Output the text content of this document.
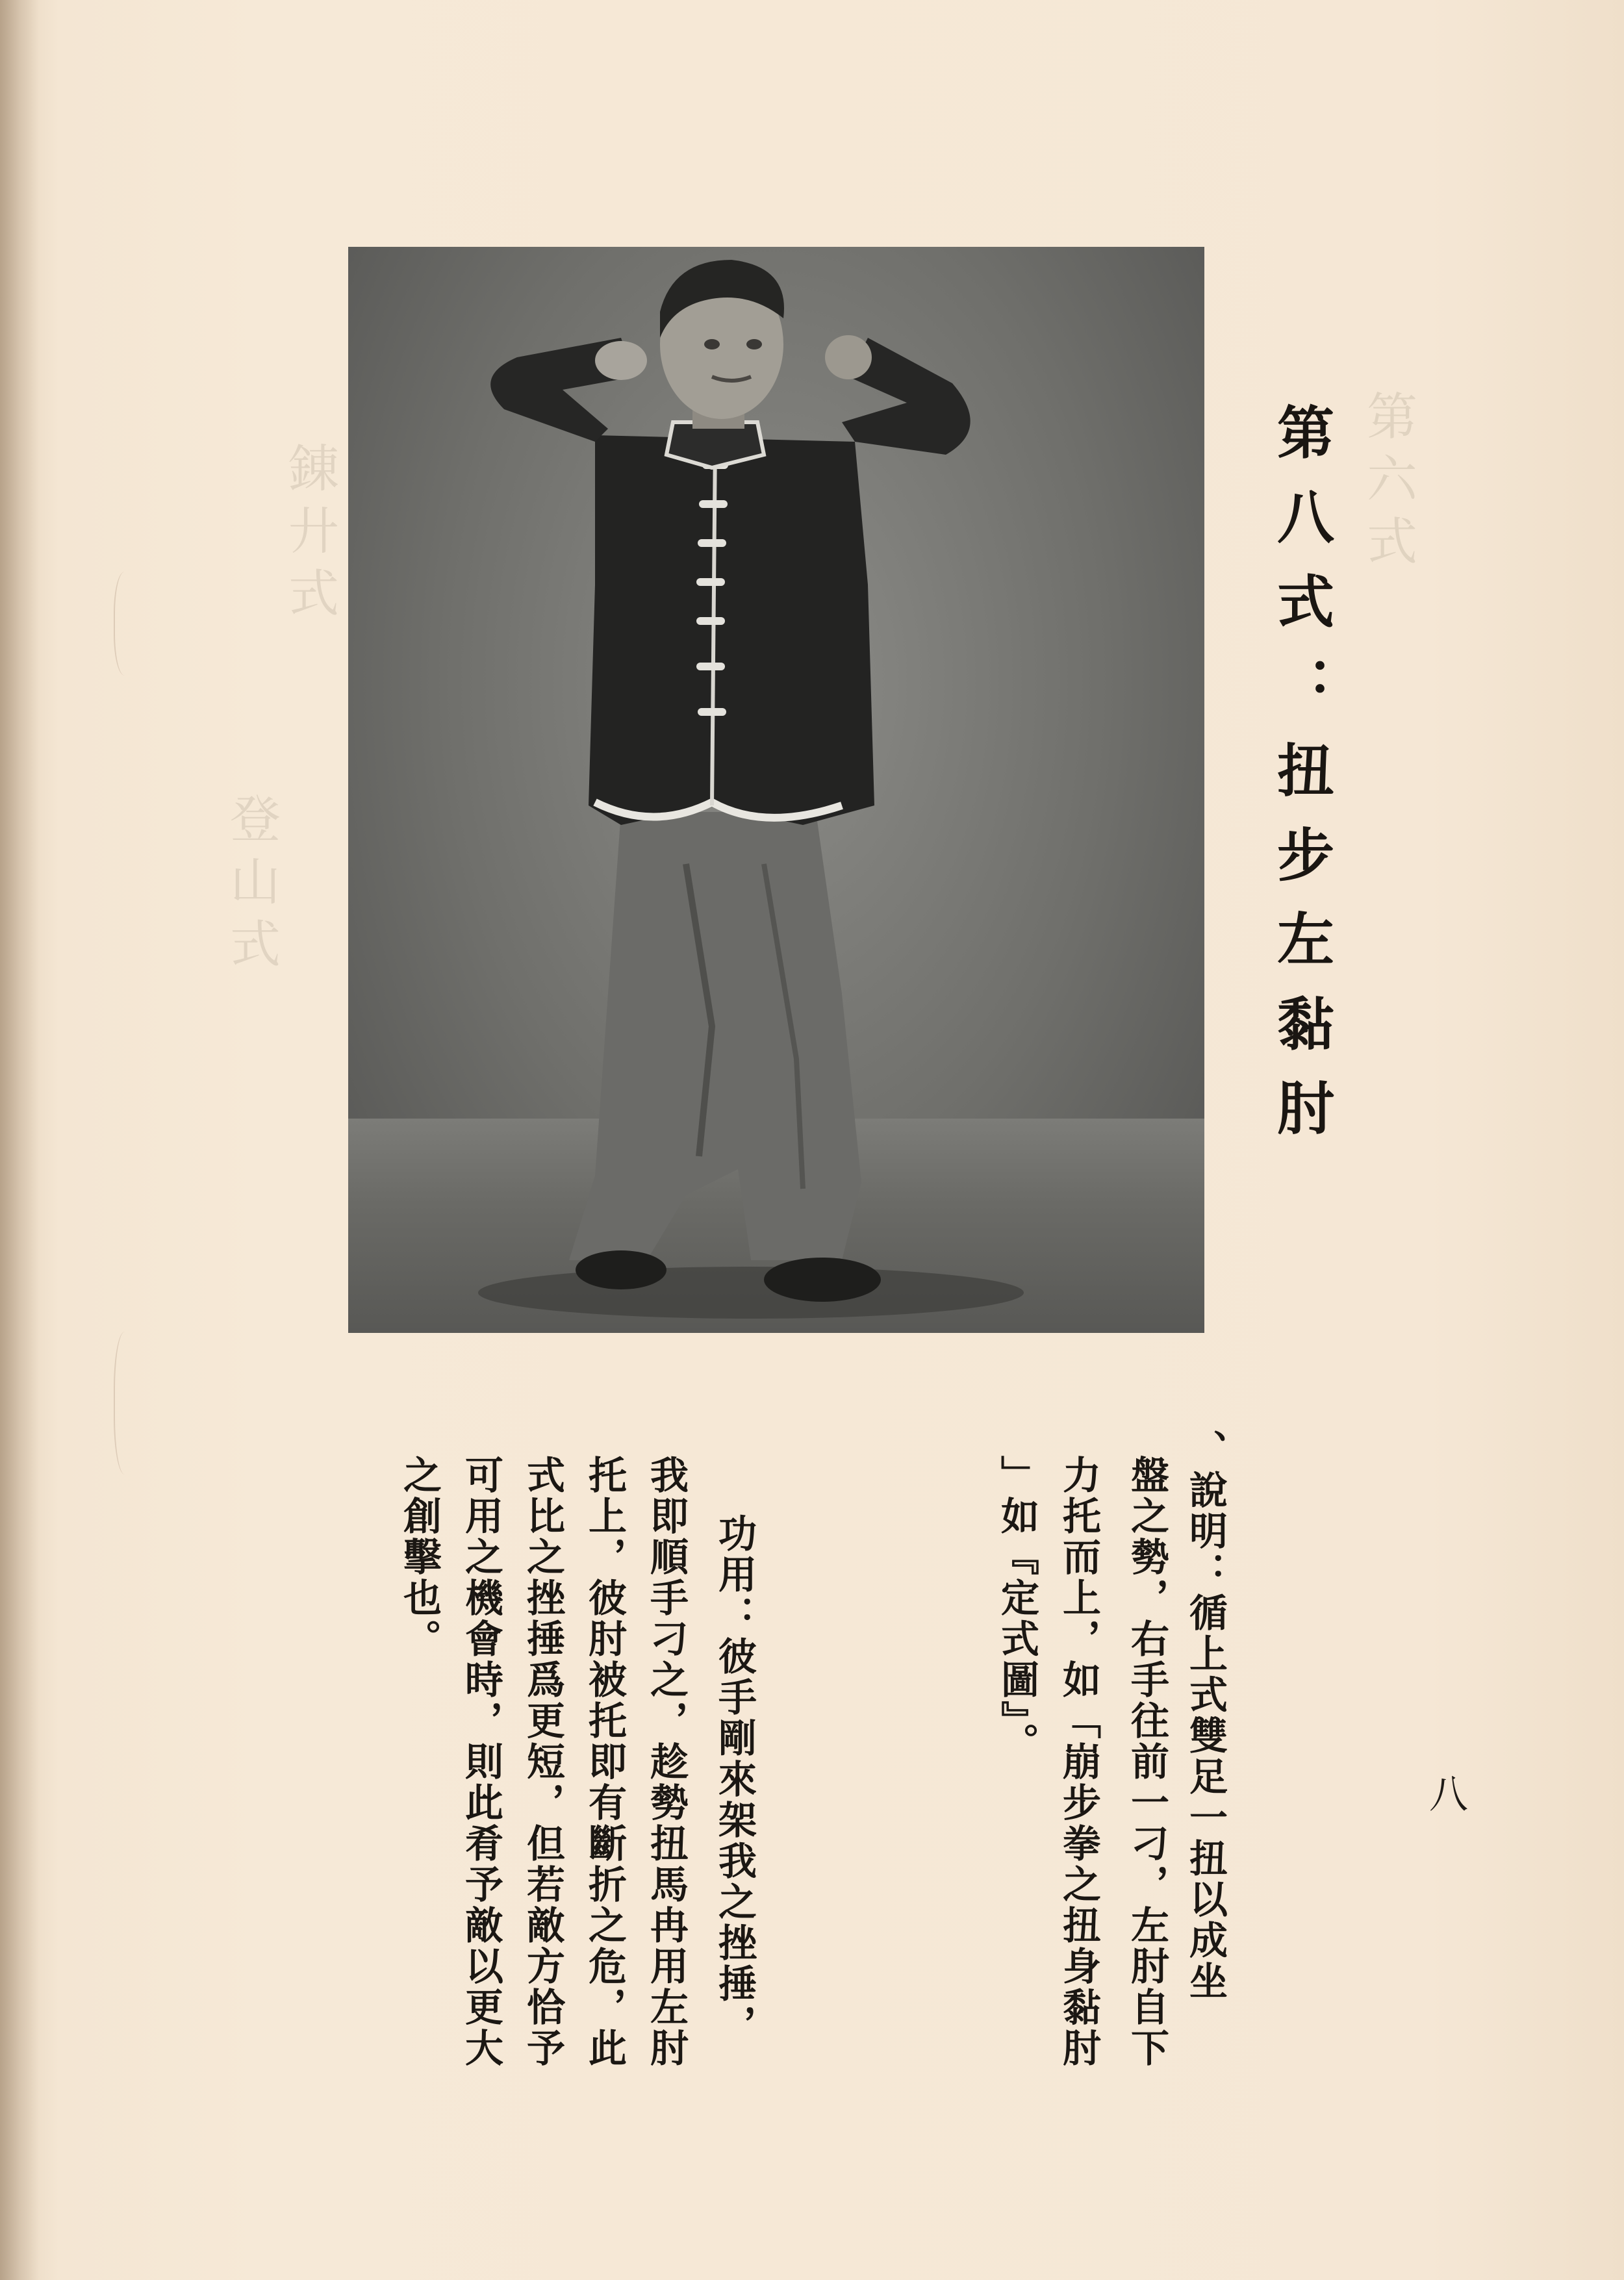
錬廾式
登山式
第六式
第八式：扭步左黏肘
、說明：循上式雙足一扭以成坐
盤之勢，右手往前一刁，左肘自下
力托而上，如「崩步拳之扭身黏肘
」如『定式圖』。
功用：彼手剛來架我之挫捶，
我即順手刁之，趁勢扭馬冉用左肘
托上，彼肘被托即有斷折之危，此
式比之挫捶爲更短，但若敵方恰予
可用之機會時，則此肴予敵以更大
之創擊也。
八
